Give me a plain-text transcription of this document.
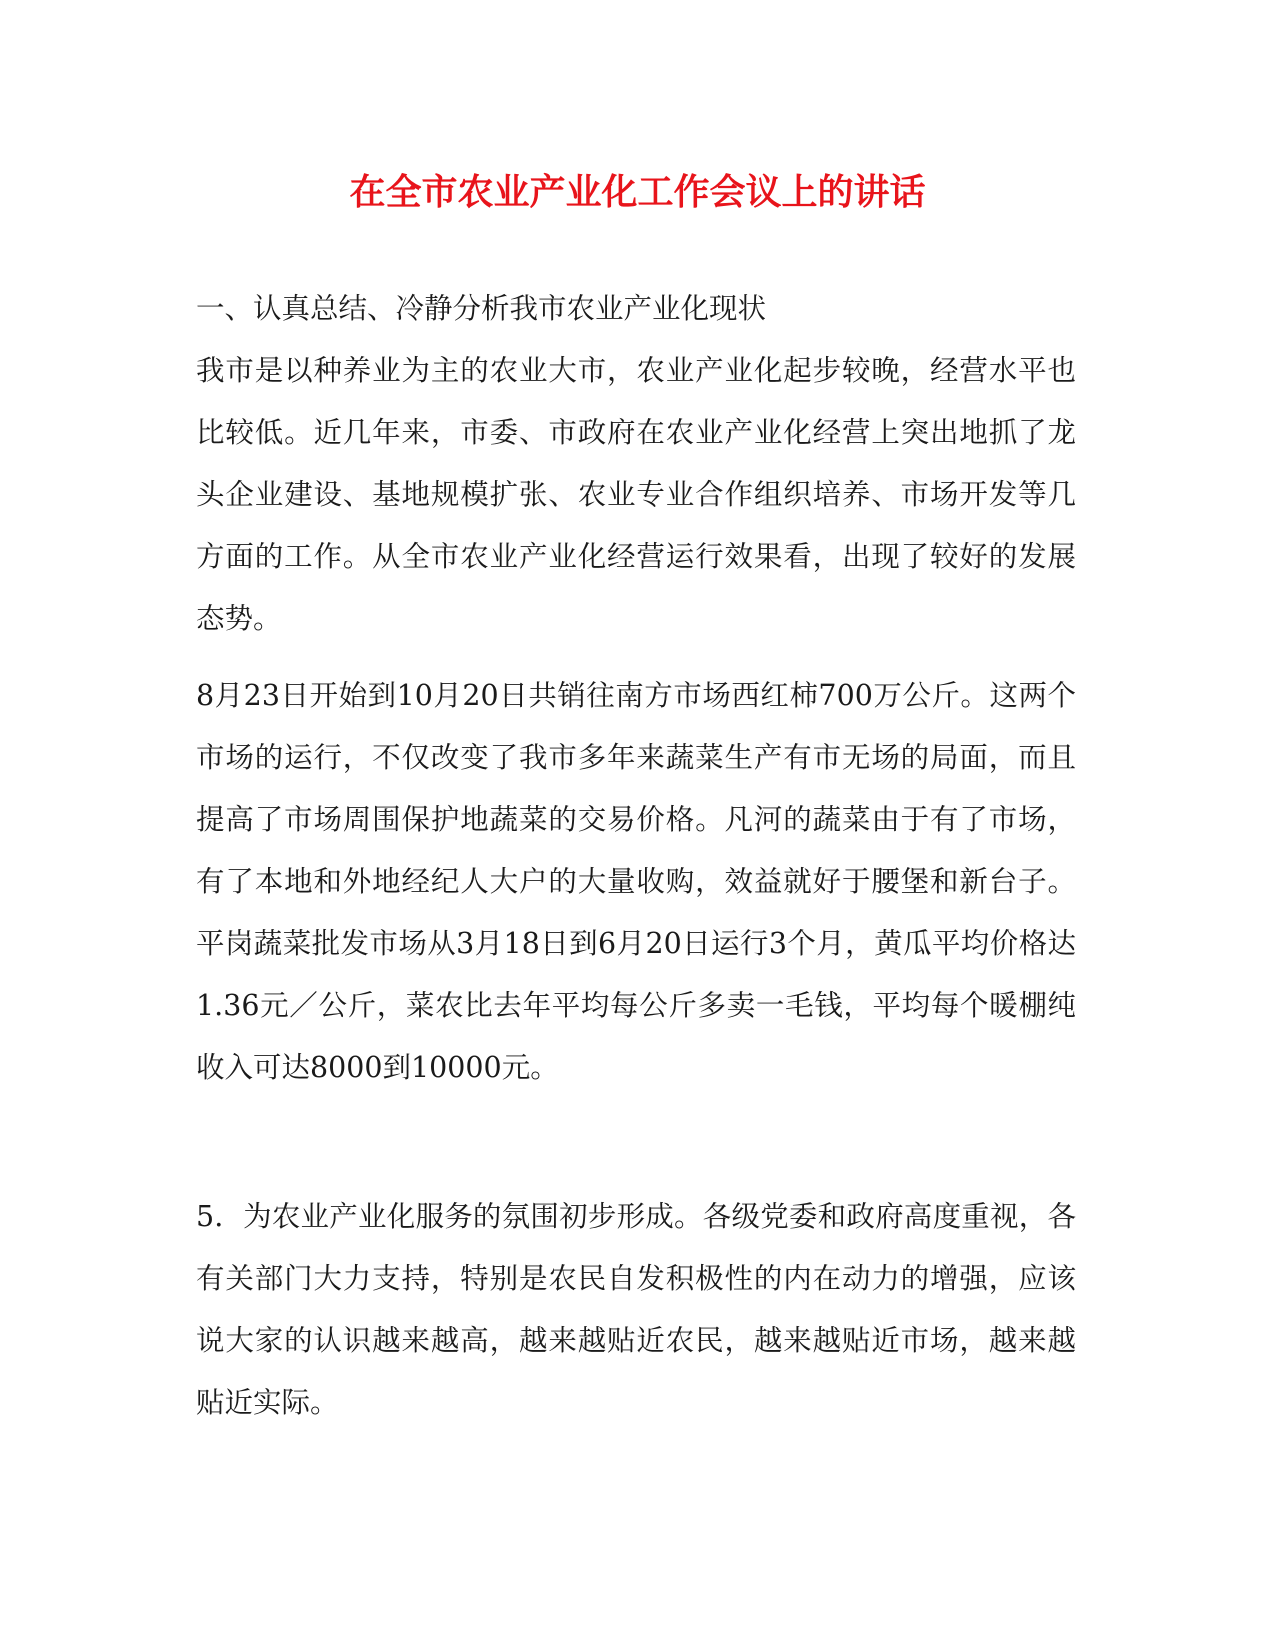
在全市农业产业化工作会议上的讲话
一、认真总结、冷静分析我市农业产业化现状
我市是以种养业为主的农业大市，农业产业化起步较晚，经营水平也比较低。近几年来，市委、市政府在农业产业化经营上突出地抓了龙头企业建设、基地规模扩张、农业专业合作组织培养、市场开发等几方面的工作。从全市农业产业化经营运行效果看，出现了较好的发展态势。
8月23日开始到10月20日共销往南方市场西红柿700万公斤。这两个市场的运行，不仅改变了我市多年来蔬菜生产有市无场的局面，而且提高了市场周围保护地蔬菜的交易价格。凡河的蔬菜由于有了市场，有了本地和外地经纪人大户的大量收购，效益就好于腰堡和新台子。平岗蔬菜批发市场从3月18日到6月20日运行3个月，黄瓜平均价格达1.36元／公斤，菜农比去年平均每公斤多卖一毛钱，平均每个暖棚纯收入可达8000到10000元。
5．为农业产业化服务的氛围初步形成。各级党委和政府高度重视，各有关部门大力支持，特别是农民自发积极性的内在动力的增强，应该说大家的认识越来越高，越来越贴近农民，越来越贴近市场，越来越贴近实际。
